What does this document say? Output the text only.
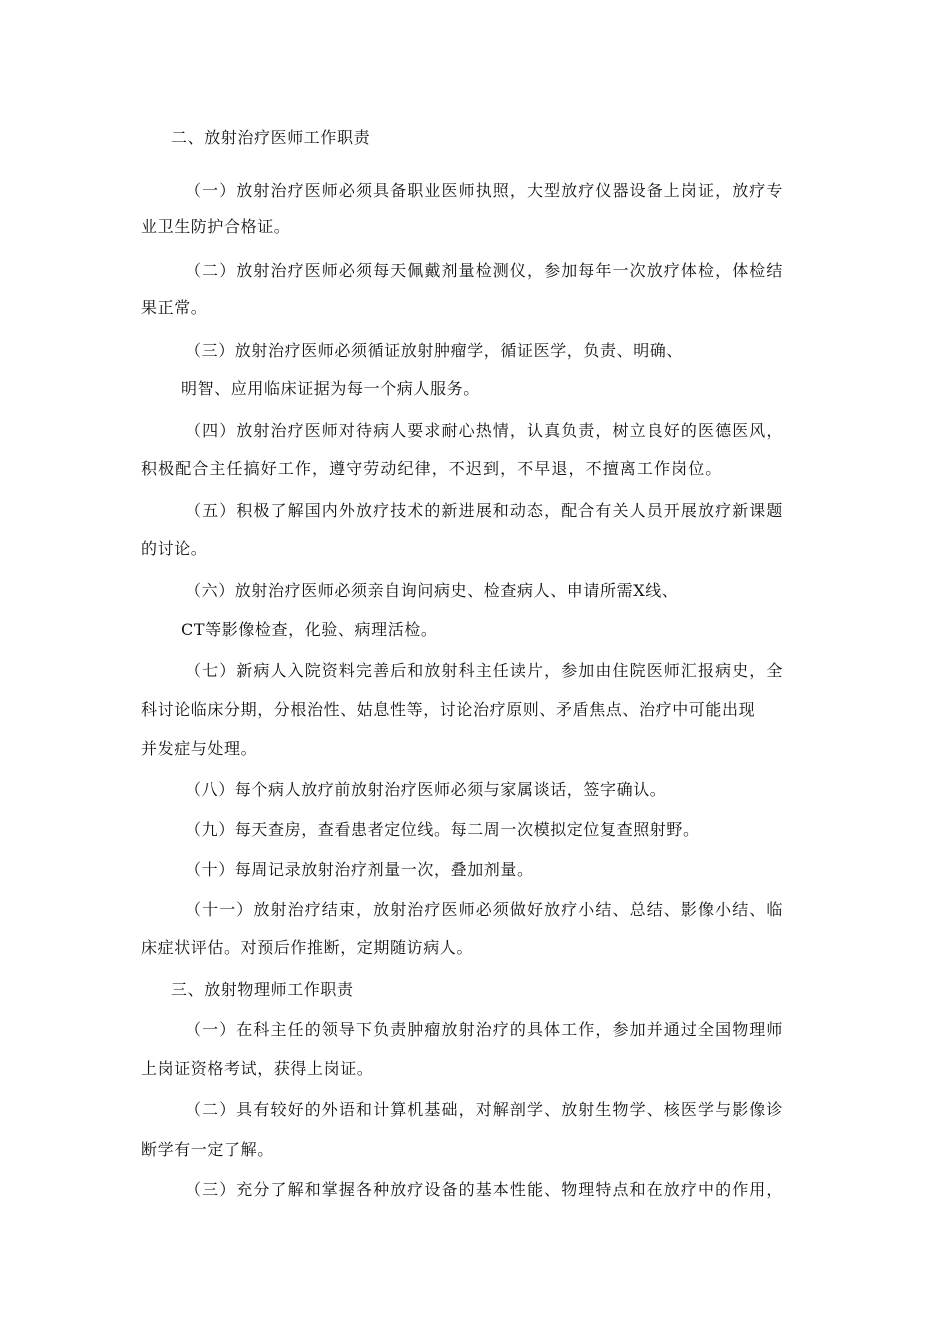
二、放射治疗医师工作职责
（一）放射治疗医师必须具备职业医师执照，大型放疗仪器设备上岗证，放疗专
业卫生防护合格证。
（二）放射治疗医师必须每天佩戴剂量检测仪，参加每年一次放疗体检，体检结
果正常。
（三）放射治疗医师必须循证放射肿瘤学，循证医学，负责、明确、
明智、应用临床证据为每一个病人服务。
（四）放射治疗医师对待病人要求耐心热情，认真负责，树立良好的医德医风，
积极配合主任搞好工作，遵守劳动纪律，不迟到，不早退，不擅离工作岗位。
（五）积极了解国内外放疗技术的新进展和动态，配合有关人员开展放疗新课题
的讨论。
（六）放射治疗医师必须亲自询问病史、检查病人、申请所需X线、
CT等影像检查，化验、病理活检。
（七）新病人入院资料完善后和放射科主任读片，参加由住院医师汇报病史，全
科讨论临床分期，分根治性、姑息性等，讨论治疗原则、矛盾焦点、治疗中可能出现
并发症与处理。
（八）每个病人放疗前放射治疗医师必须与家属谈话，签字确认。
（九）每天查房，查看患者定位线。每二周一次模拟定位复查照射野。
（十）每周记录放射治疗剂量一次，叠加剂量。
（十一）放射治疗结束，放射治疗医师必须做好放疗小结、总结、影像小结、临
床症状评估。对预后作推断，定期随访病人。
三、放射物理师工作职责
（一）在科主任的领导下负责肿瘤放射治疗的具体工作，参加并通过全国物理师
上岗证资格考试，获得上岗证。
（二）具有较好的外语和计算机基础，对解剖学、放射生物学、核医学与影像诊
断学有一定了解。
（三）充分了解和掌握各种放疗设备的基本性能、物理特点和在放疗中的作用，
